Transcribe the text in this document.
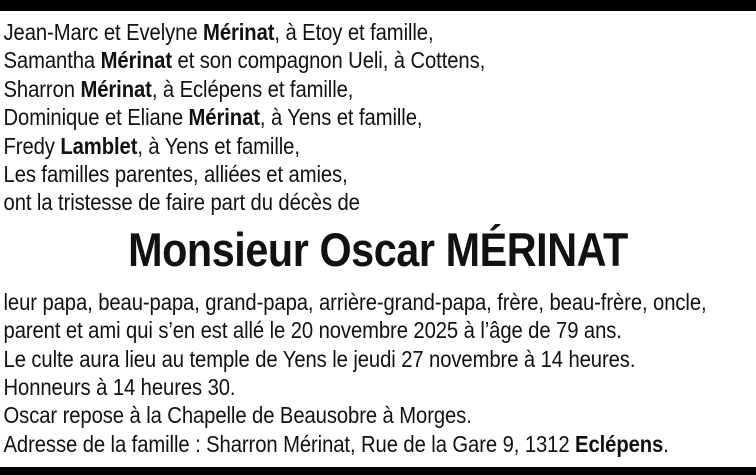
Jean-Marc et Evelyne Mérinat, à Etoy et famille,
Samantha Mérinat et son compagnon Ueli, à Cottens,
Sharron Mérinat, à Eclépens et famille,
Dominique et Eliane Mérinat, à Yens et famille,
Fredy Lamblet, à Yens et famille,
Les familles parentes, alliées et amies,
ont la tristesse de faire part du décès de
Monsieur Oscar MÉRINAT
leur papa, beau-papa, grand-papa, arrière-grand-papa, frère, beau-frère, oncle,
parent et ami qui s’en est allé le 20 novembre 2025 à l’âge de 79 ans.
Le culte aura lieu au temple de Yens le jeudi 27 novembre à 14 heures.
Honneurs à 14 heures 30.
Oscar repose à la Chapelle de Beausobre à Morges.
Adresse de la famille : Sharron Mérinat, Rue de la Gare 9, 1312 Eclépens.
